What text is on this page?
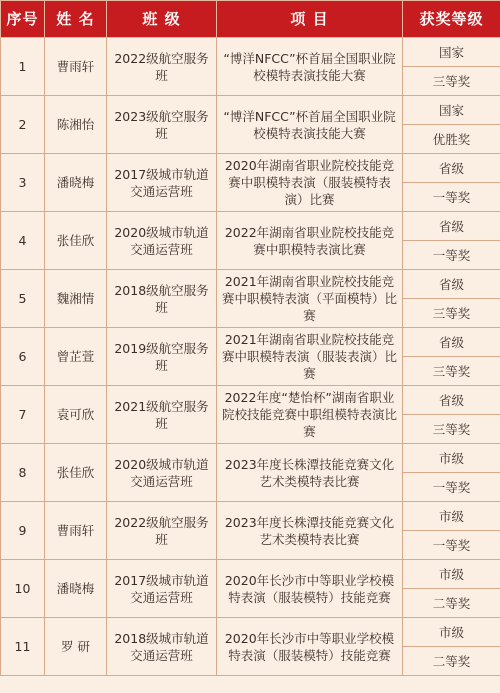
序号	姓 名	班 级	项 目	获奖等级
1	曹雨轩	2022级航空服务班	“博洋NFCC”杯首届全国职业院校模特表演技能大赛	国家
				三等奖
2	陈湘怡	2023级航空服务班	“博洋NFCC”杯首届全国职业院校模特表演技能大赛	国家
				优胜奖
3	潘晓梅	2017级城市轨道交通运营班	2020年湖南省职业院校技能竞赛中职模特表演（服装模特表演）比赛	省级
				一等奖
4	张佳欣	2020级城市轨道交通运营班	2022年湖南省职业院校技能竞赛中职模特表演比赛	省级
				一等奖
5	魏湘情	2018级航空服务班	2021年湖南省职业院校技能竞赛中职模特表演（平面模特）比赛	省级
				三等奖
6	曾芷萱	2019级航空服务班	2021年湖南省职业院校技能竞赛中职模特表演（服装表演）比赛	省级
				三等奖
7	袁可欣	2021级航空服务班	2022年度“楚怡杯”湖南省职业院校技能竞赛中职组模特表演比赛	省级
				三等奖
8	张佳欣	2020级城市轨道交通运营班	2023年度长株潭技能竞赛文化艺术类模特表比赛	市级
				一等奖
9	曹雨轩	2022级航空服务班	2023年度长株潭技能竞赛文化艺术类模特表比赛	市级
				一等奖
10	潘晓梅	2017级城市轨道交通运营班	2020年长沙市中等职业学校模特表演（服装模特）技能竞赛	市级
				二等奖
11	罗 研	2018级城市轨道交通运营班	2020年长沙市中等职业学校模特表演（服装模特）技能竞赛	市级
				二等奖
